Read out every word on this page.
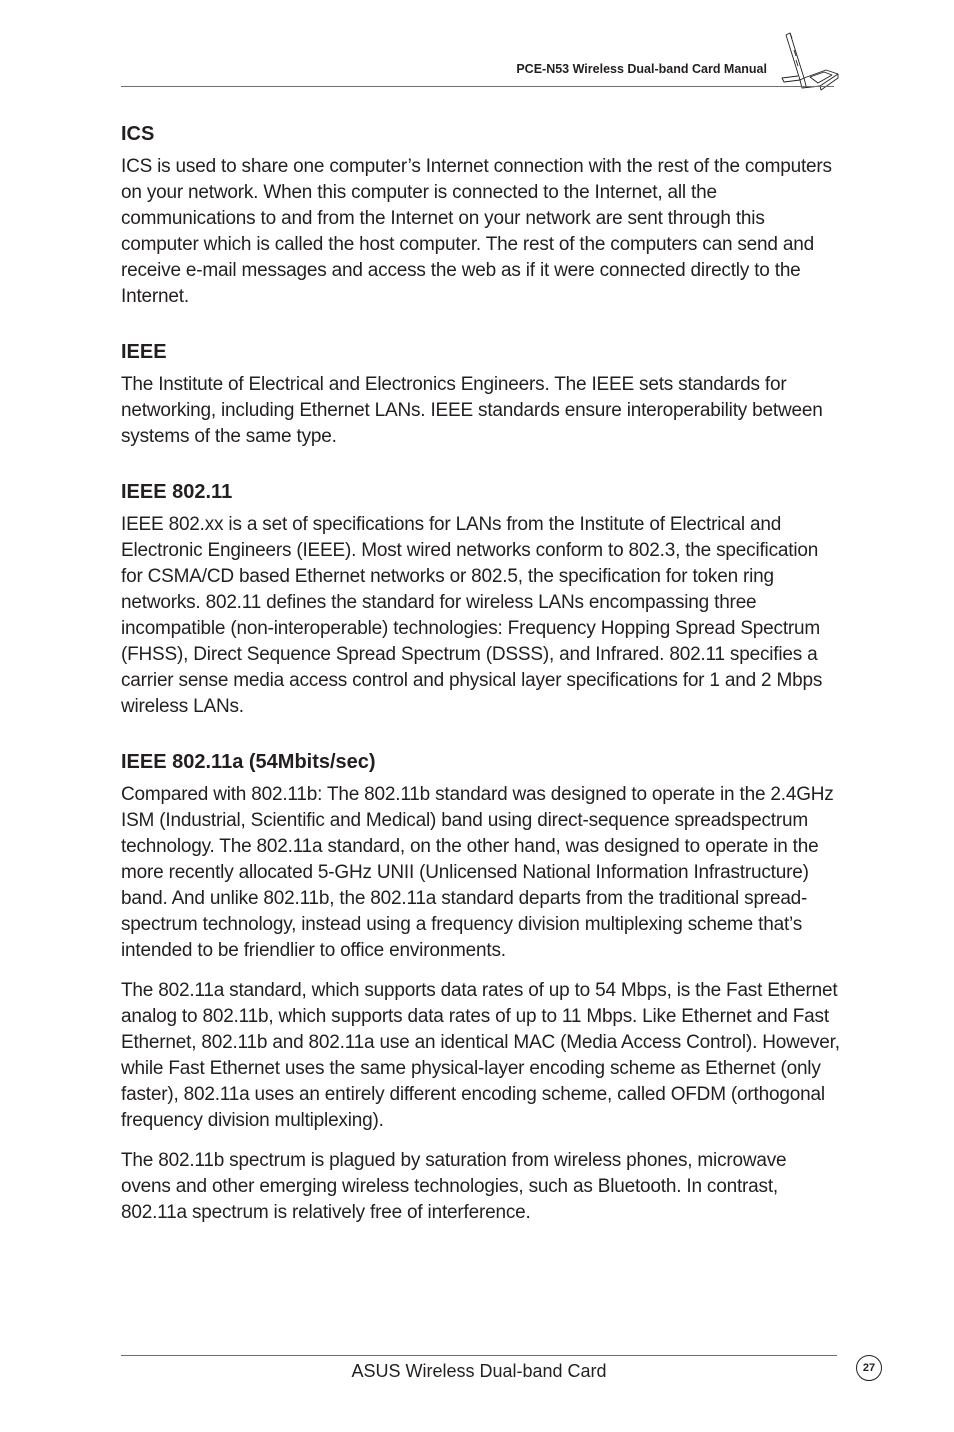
PCE-N53 Wireless Dual-band Card Manual
ICS

ICS is used to share one computer’s Internet connection with the rest of the computers on your network. When this computer is connected to the Internet, all the communications to and from the Internet on your network are sent through this computer which is called the host computer. The rest of the computers can send and receive e-mail messages and access the web as if it were connected directly to the Internet.

IEEE

The Institute of Electrical and Electronics Engineers. The IEEE sets standards for networking, including Ethernet LANs. IEEE standards ensure interoperability between systems of the same type.

IEEE 802.11

IEEE 802.xx is a set of specifications for LANs from the Institute of Electrical and Electronic Engineers (IEEE). Most wired networks conform to 802.3, the specification for CSMA/CD based Ethernet networks or 802.5, the specification for token ring networks. 802.11 defines the standard for wireless LANs encompassing three incompatible (non-interoperable) technologies: Frequency Hopping Spread Spectrum (FHSS), Direct Sequence Spread Spectrum (DSSS), and Infrared. 802.11 specifies a carrier sense media access control and physical layer specifications for 1 and 2 Mbps wireless LANs.

IEEE 802.11a (54Mbits/sec)

Compared with 802.11b: The 802.11b standard was designed to operate in the 2.4GHz ISM (Industrial, Scientific and Medical) band using direct-sequence spreadspectrum technology. The 802.11a standard, on the other hand, was designed to operate in the more recently allocated 5-GHz UNII (Unlicensed National Information Infrastructure) band. And unlike 802.11b, the 802.11a standard departs from the traditional spread-spectrum technology, instead using a frequency division multiplexing scheme that’s intended to be friendlier to office environments.

The 802.11a standard, which supports data rates of up to 54 Mbps, is the Fast Ethernet analog to 802.11b, which supports data rates of up to 11 Mbps. Like Ethernet and Fast Ethernet, 802.11b and 802.11a use an identical MAC (Media Access Control). However, while Fast Ethernet uses the same physical-layer encoding scheme as Ethernet (only faster), 802.11a uses an entirely different encoding scheme, called OFDM (orthogonal frequency division multiplexing).

The 802.11b spectrum is plagued by saturation from wireless phones, microwave ovens and other emerging wireless technologies, such as Bluetooth. In contrast, 802.11a spectrum is relatively free of interference.

ASUS Wireless Dual-band Card	27
